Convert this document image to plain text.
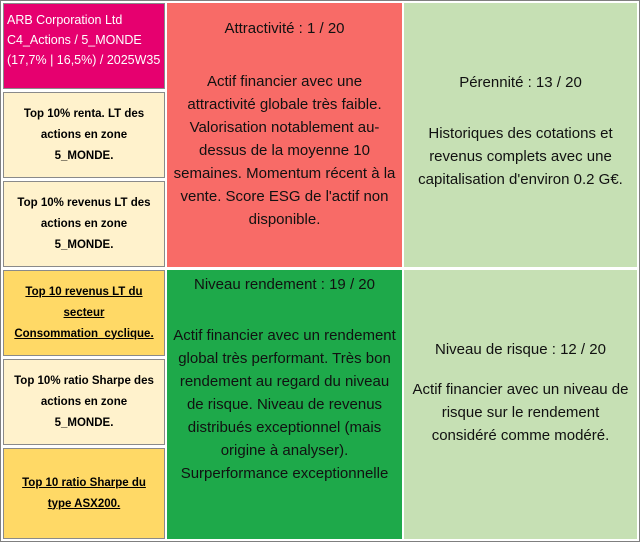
ARB Corporation Ltd
C4_Actions / 5_MONDE
(17,7% | 16,5%) / 2025W35
Top 10% renta. LT des actions en zone 5_MONDE.
Top 10% revenus LT des actions en zone 5_MONDE.
Top 10 revenus LT du secteur Consommation_cyclique.
Top 10% ratio Sharpe des actions en zone 5_MONDE.
Top 10 ratio Sharpe du type ASX200.
Attractivité : 1 / 20
Actif financier avec une attractivité globale très faible. Valorisation notablement au-dessus de la moyenne 10 semaines. Momentum récent à la vente. Score ESG de l'actif non disponible.
Pérennité : 13 / 20
Historiques des cotations et revenus complets avec une capitalisation d'environ 0.2 G€.
Niveau rendement : 19 / 20
Actif financier avec un rendement global très performant. Très bon rendement au regard du niveau de risque. Niveau de revenus distribués exceptionnel (mais origine à analyser). Surperformance exceptionnelle
Niveau de risque : 12 / 20
Actif financier avec un niveau de risque sur le rendement considéré comme modéré.
